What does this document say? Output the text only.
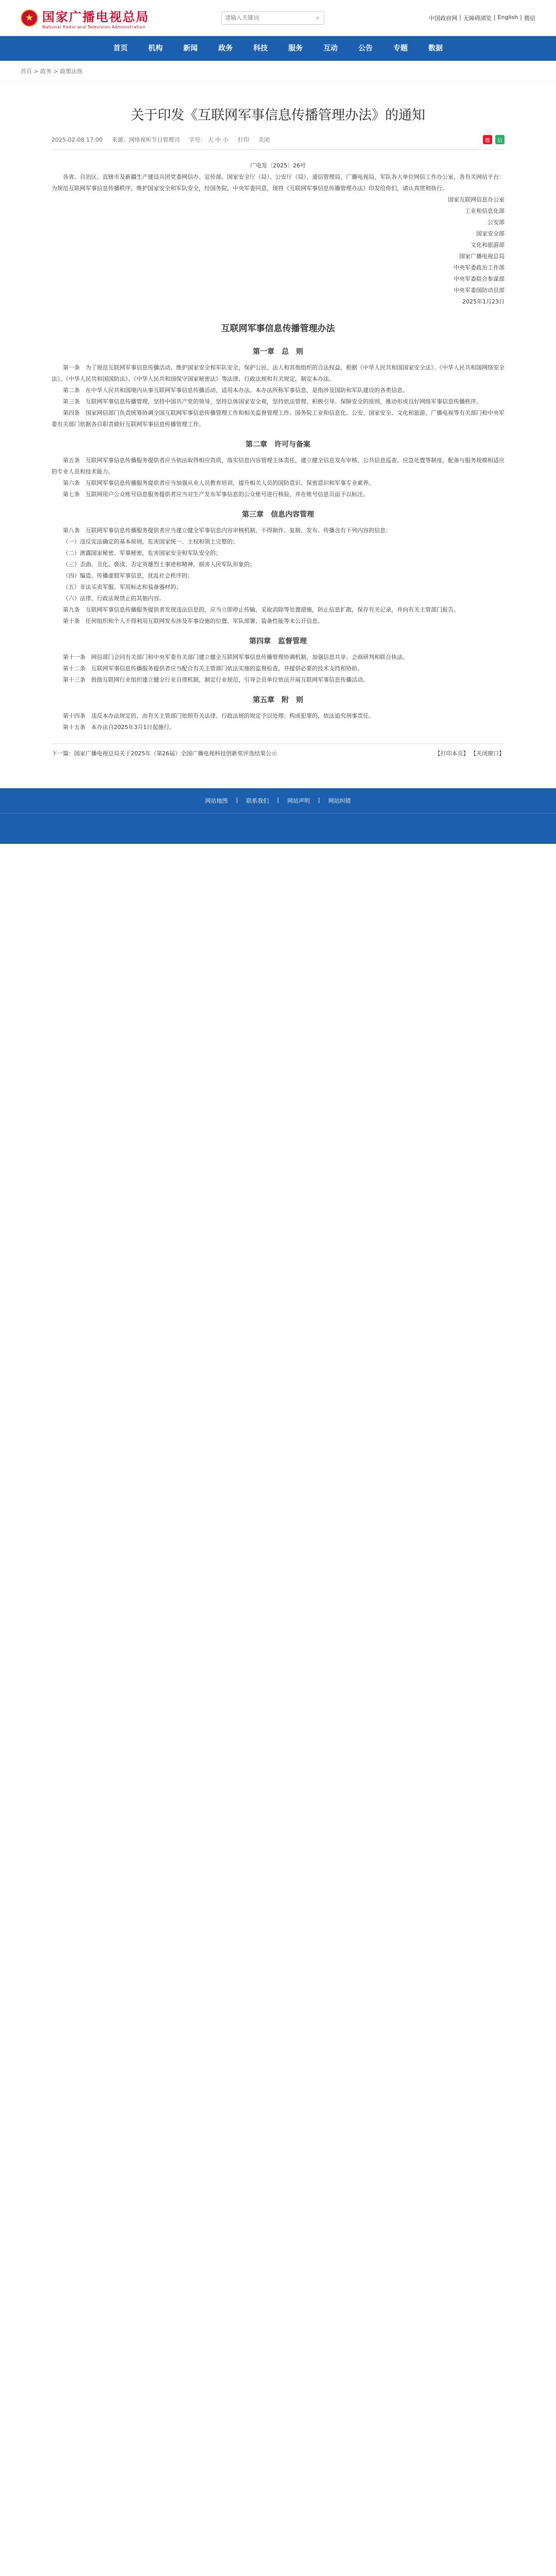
★ 国家广播电视总局
National Radio and Television Administration
请输入关键词
⌕	中国政府网 | 无障碍浏览 | English | 微信
首页	机构	新闻	政务	科技	服务	互动	公告	专题	数据
首页 > 政务 > 政策法规
关于印发《互联网军事信息传播管理办法》的通知
2025-02-08 17:00 来源：网络视听节目管理司 字号： 大 中 小 打印 关闭	微	信

广电发〔2025〕26号

各省、自治区、直辖市及新疆生产建设兵团党委网信办、宣传部、国家安全厅（局）、公安厅（局）、通信管理局、广播电视局，军队各大单位网信工作办公室，各有关网站平台：为规范互联网军事信息传播秩序，维护国家安全和军队安全，经国务院、中央军委同意，现将《互联网军事信息传播管理办法》印发给你们，请认真贯彻执行。

国家互联网信息办公室

工业和信息化部

公安部

国家安全部

文化和旅游部

国家广播电视总局

中央军委政治工作部

中央军委联合参谋部

中央军委国防动员部

2025年1月23日

互联网军事信息传播管理办法
第一章　总　则

第一条　为了规范互联网军事信息传播活动，维护国家安全和军队安全，保护公民、法人和其他组织的合法权益，根据《中华人民共和国国家安全法》、《中华人民共和国网络安全法》、《中华人民共和国国防法》、《中华人民共和国保守国家秘密法》等法律、行政法规和有关规定，制定本办法。

第二条　在中华人民共和国境内从事互联网军事信息传播活动，适用本办法。本办法所称军事信息，是指涉及国防和军队建设的各类信息。

第三条　互联网军事信息传播管理，坚持中国共产党的领导，坚持总体国家安全观，坚持依法管理、积极引导、保障安全的原则，推动形成良好网络军事信息传播秩序。

第四条　国家网信部门负责统筹协调全国互联网军事信息传播管理工作和相关监督管理工作。国务院工业和信息化、公安、国家安全、文化和旅游、广播电视等有关部门和中央军委有关部门依据各自职责做好互联网军事信息传播管理工作。

第二章　许可与备案

第五条　互联网军事信息传播服务提供者应当依法取得相应资质，落实信息内容管理主体责任，建立健全信息发布审核、公共信息巡查、应急处置等制度，配备与服务规模相适应的专业人员和技术能力。

第六条　互联网军事信息传播服务提供者应当加强从业人员教育培训，提升相关人员的国防意识、保密意识和军事专业素养。

第七条　互联网用户公众账号信息服务提供者应当对生产发布军事信息的公众账号进行核验，并在账号信息页面予以标注。

第三章　信息内容管理

第八条　互联网军事信息传播服务提供者应当建立健全军事信息内容审核机制，不得制作、复制、发布、传播含有下列内容的信息：

（一）违反宪法确定的基本原则，危害国家统一、主权和领土完整的；

（二）泄露国家秘密、军事秘密，危害国家安全和军队安全的；

（三）歪曲、丑化、亵渎、否定英雄烈士事迹和精神，损害人民军队形象的；

（四）编造、传播虚假军事信息，扰乱社会秩序的；

（五）非法买卖军服、军用标志和装备器材的；

（六）法律、行政法规禁止的其他内容。

第九条　互联网军事信息传播服务提供者发现违法信息的，应当立即停止传输，采取消除等处置措施，防止信息扩散，保存有关记录，并向有关主管部门报告。

第十条　任何组织和个人不得利用互联网发布涉及军事设施的位置、军队部署、装备性能等未公开信息。

第四章　监督管理

第十一条　网信部门会同有关部门和中央军委有关部门建立健全互联网军事信息传播管理协调机制，加强信息共享、会商研判和联合执法。

第十二条　互联网军事信息传播服务提供者应当配合有关主管部门依法实施的监督检查，并提供必要的技术支持和协助。

第十三条　鼓励互联网行业组织建立健全行业自律机制，制定行业规范，引导会员单位依法开展互联网军事信息传播活动。

第五章　附　则

第十四条　违反本办法规定的，由有关主管部门依照有关法律、行政法规的规定予以处理；构成犯罪的，依法追究刑事责任。

第十五条　本办法自2025年3月1日起施行。

下一篇：国家广播电视总局关于2025年（第26届）全国广播电视科技创新奖评选结果公示	【打印本页】 【关闭窗口】
网站地图 | 联系我们 | 网站声明 | 网站纠错
